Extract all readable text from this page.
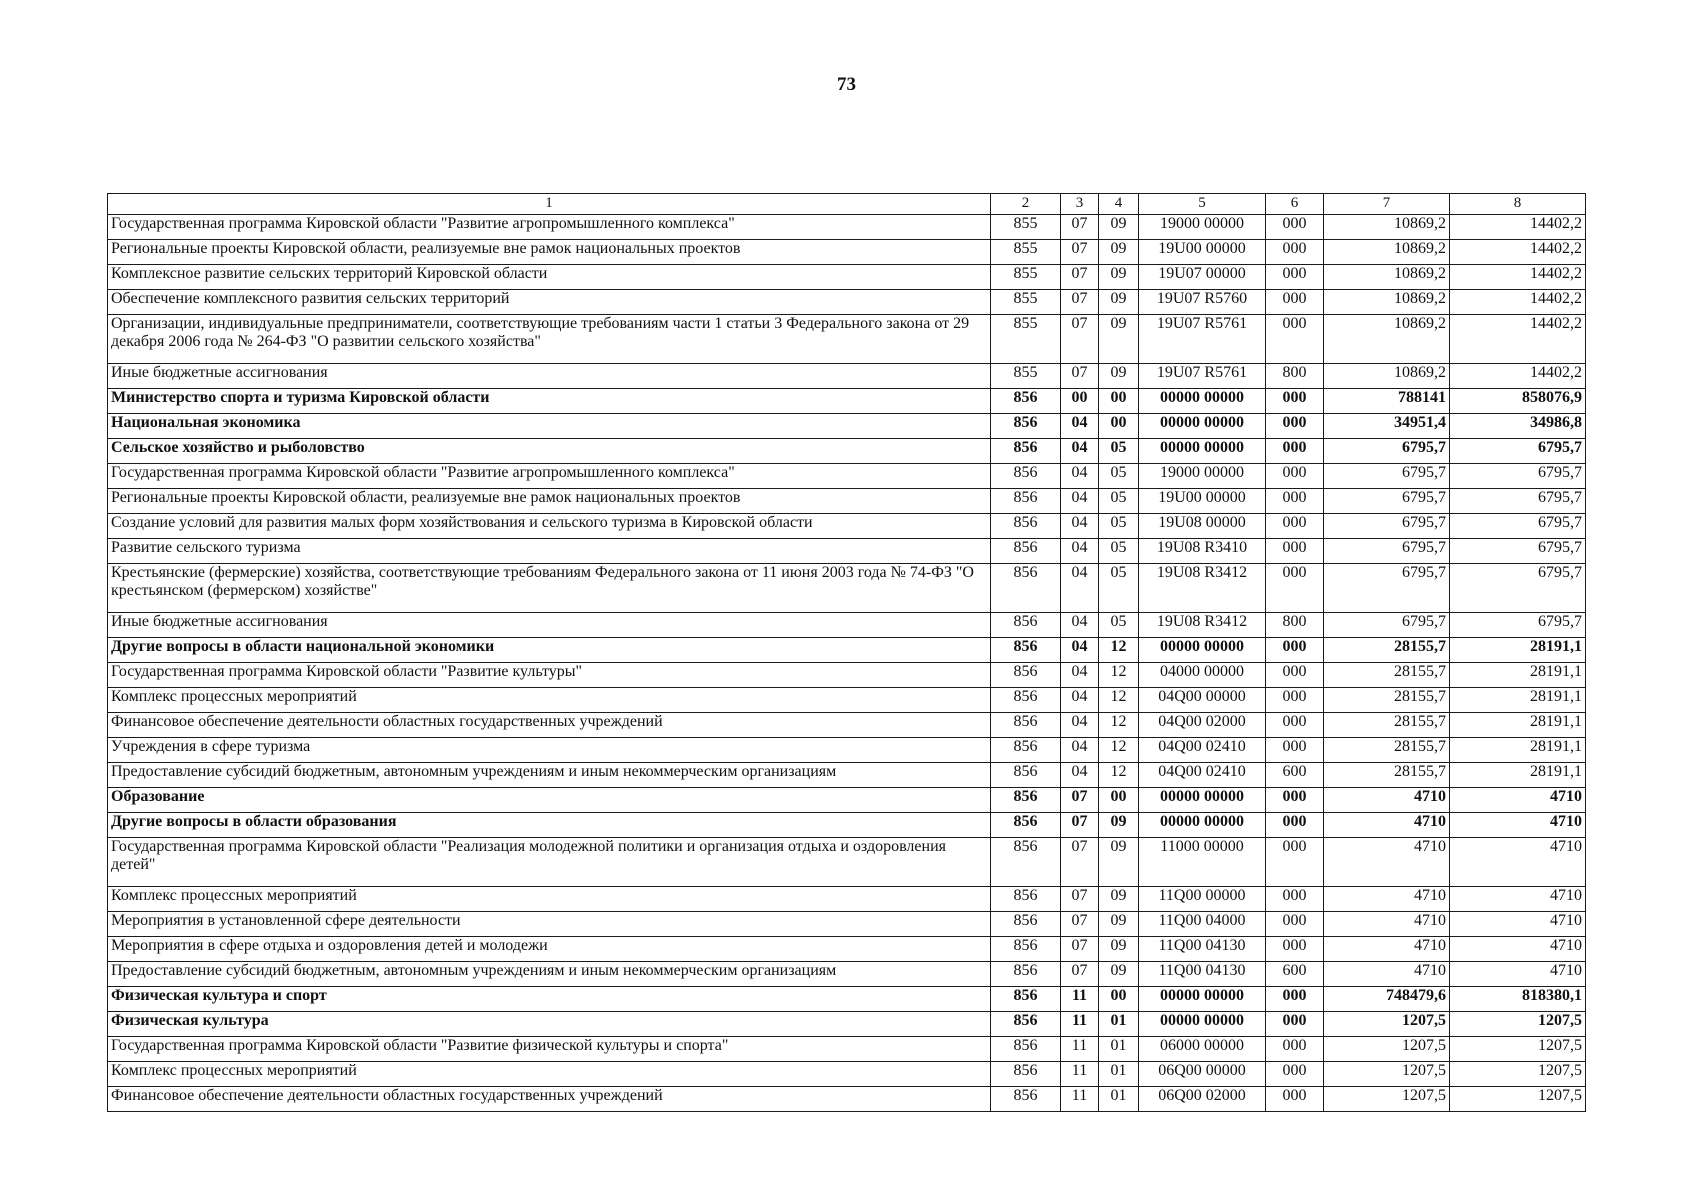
73
1	2	3	4	5	6	7	8
Государственная программа Кировской области "Развитие агропромышленного комплекса"	855	07	09	19000 00000	000	10869,2	14402,2
Региональные проекты Кировской области, реализуемые вне рамок национальных проектов	855	07	09	19U00 00000	000	10869,2	14402,2
Комплексное развитие сельских территорий Кировской области	855	07	09	19U07 00000	000	10869,2	14402,2
Обеспечение комплексного развития сельских территорий	855	07	09	19U07 R5760	000	10869,2	14402,2
Организации, индивидуальные предприниматели, соответствующие требованиям части 1 статьи 3 Федерального закона от 29 декабря 2006 года № 264-ФЗ "О развитии сельского хозяйства"	855	07	09	19U07 R5761	000	10869,2	14402,2
Иные бюджетные ассигнования	855	07	09	19U07 R5761	800	10869,2	14402,2
Министерство спорта и туризма Кировской области	856	00	00	00000 00000	000	788141	858076,9
Национальная экономика	856	04	00	00000 00000	000	34951,4	34986,8
Сельское хозяйство и рыболовство	856	04	05	00000 00000	000	6795,7	6795,7
Государственная программа Кировской области "Развитие агропромышленного комплекса"	856	04	05	19000 00000	000	6795,7	6795,7
Региональные проекты Кировской области, реализуемые вне рамок национальных проектов	856	04	05	19U00 00000	000	6795,7	6795,7
Создание условий для развития малых форм хозяйствования и сельского туризма в Кировской области	856	04	05	19U08 00000	000	6795,7	6795,7
Развитие сельского туризма	856	04	05	19U08 R3410	000	6795,7	6795,7
Крестьянские (фермерские) хозяйства, соответствующие требованиям Федерального закона от 11 июня 2003 года № 74-ФЗ "О крестьянском (фермерском) хозяйстве"	856	04	05	19U08 R3412	000	6795,7	6795,7
Иные бюджетные ассигнования	856	04	05	19U08 R3412	800	6795,7	6795,7
Другие вопросы в области национальной экономики	856	04	12	00000 00000	000	28155,7	28191,1
Государственная программа Кировской области "Развитие культуры"	856	04	12	04000 00000	000	28155,7	28191,1
Комплекс процессных мероприятий	856	04	12	04Q00 00000	000	28155,7	28191,1
Финансовое обеспечение деятельности областных государственных учреждений	856	04	12	04Q00 02000	000	28155,7	28191,1
Учреждения в сфере туризма	856	04	12	04Q00 02410	000	28155,7	28191,1
Предоставление субсидий бюджетным, автономным учреждениям и иным некоммерческим организациям	856	04	12	04Q00 02410	600	28155,7	28191,1
Образование	856	07	00	00000 00000	000	4710	4710
Другие вопросы в области образования	856	07	09	00000 00000	000	4710	4710
Государственная программа Кировской области "Реализация молодежной политики и организация отдыха и оздоровления детей"	856	07	09	11000 00000	000	4710	4710
Комплекс процессных мероприятий	856	07	09	11Q00 00000	000	4710	4710
Мероприятия в установленной сфере деятельности	856	07	09	11Q00 04000	000	4710	4710
Мероприятия в сфере отдыха и оздоровления детей и молодежи	856	07	09	11Q00 04130	000	4710	4710
Предоставление субсидий бюджетным, автономным учреждениям и иным некоммерческим организациям	856	07	09	11Q00 04130	600	4710	4710
Физическая культура и спорт	856	11	00	00000 00000	000	748479,6	818380,1
Физическая культура	856	11	01	00000 00000	000	1207,5	1207,5
Государственная программа Кировской области "Развитие физической культуры и спорта"	856	11	01	06000 00000	000	1207,5	1207,5
Комплекс процессных мероприятий	856	11	01	06Q00 00000	000	1207,5	1207,5
Финансовое обеспечение деятельности областных государственных учреждений	856	11	01	06Q00 02000	000	1207,5	1207,5
